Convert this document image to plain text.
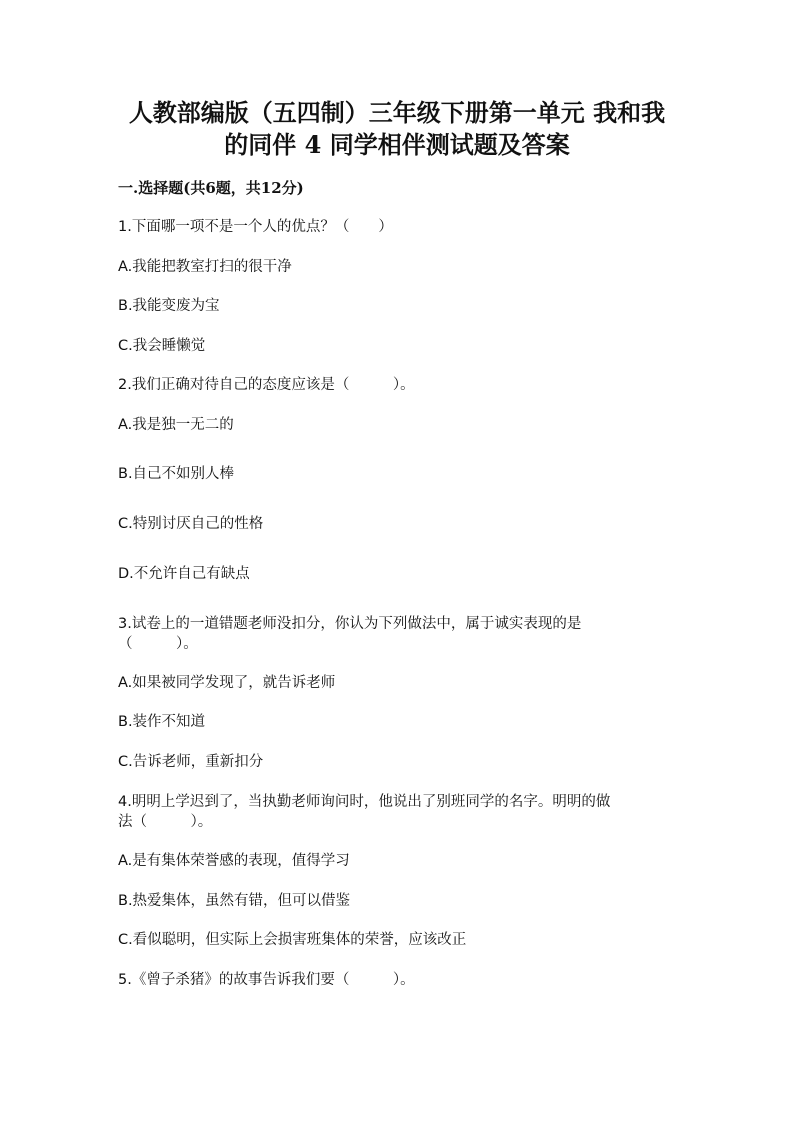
人教部编版（五四制）三年级下册第一单元 我和我
的同伴 4 同学相伴测试题及答案
一.选择题(共6题，共12分)
1.下面哪一项不是一个人的优点？（　　）
A.我能把教室打扫的很干净
B.我能变废为宝
C.我会睡懒觉
2.我们正确对待自己的态度应该是（　　　）。
A.我是独一无二的
B.自己不如别人棒
C.特别讨厌自己的性格
D.不允许自己有缺点
3.试卷上的一道错题老师没扣分，你认为下列做法中，属于诚实表现的是
（　　　）。
A.如果被同学发现了，就告诉老师
B.装作不知道
C.告诉老师，重新扣分
4.明明上学迟到了，当执勤老师询问时，他说出了别班同学的名字。明明的做
法（　　　）。
A.是有集体荣誉感的表现，值得学习
B.热爱集体，虽然有错，但可以借鉴
C.看似聪明，但实际上会损害班集体的荣誉，应该改正
5.《曾子杀猪》的故事告诉我们要（　　　）。
